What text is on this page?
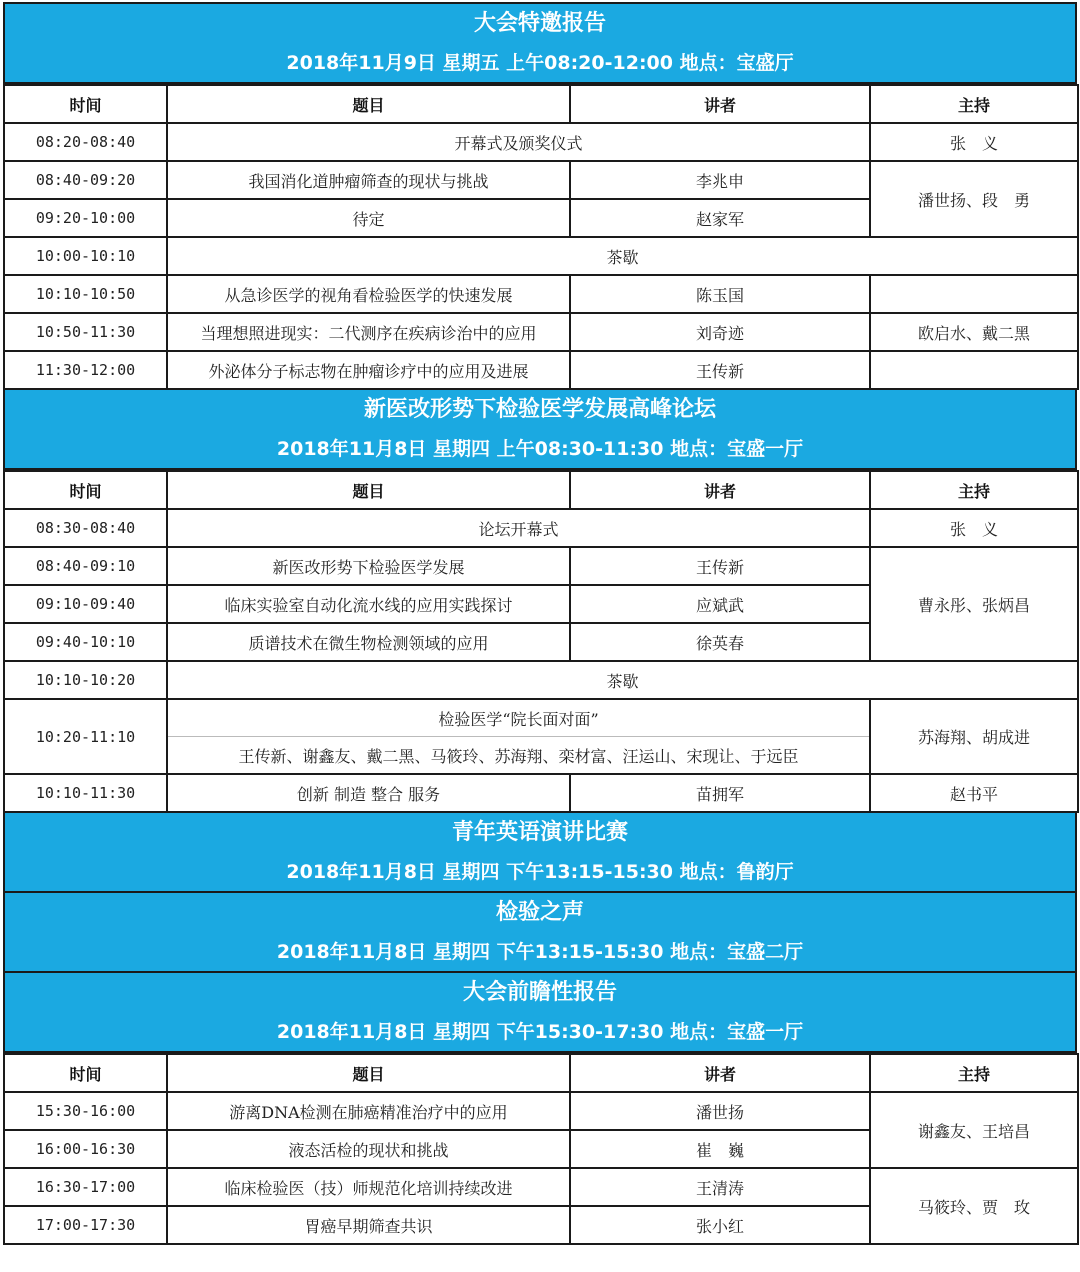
大会特邀报告
2018年11月9日 星期五 上午08:20-12:00 地点：宝盛厅
时间	题目	讲者	主持
08:20-08:40	开幕式及颁奖仪式		张　义
08:40-09:20	我国消化道肿瘤筛查的现状与挑战	李兆申	潘世扬、段　勇
09:20-10:00	待定	赵家军	
10:00-10:10	茶歇		
10:10-10:50	从急诊医学的视角看检验医学的快速发展	陈玉国	
10:50-11:30	当理想照进现实：二代测序在疾病诊治中的应用	刘奇迹	欧启水、戴二黑
11:30-12:00	外泌体分子标志物在肿瘤诊疗中的应用及进展	王传新	
新医改形势下检验医学发展高峰论坛
2018年11月8日 星期四 上午08:30-11:30 地点：宝盛一厅
时间	题目	讲者	主持
08:30-08:40	论坛开幕式		张　义
08:40-09:10	新医改形势下检验医学发展	王传新	曹永彤、张炳昌
09:10-09:40	临床实验室自动化流水线的应用实践探讨	应斌武	
09:40-10:10	质谱技术在微生物检测领域的应用	徐英春	
10:10-10:20	茶歇		
10:20-11:10	检验医学“院长面对面”		苏海翔、胡成进
	王传新、谢鑫友、戴二黑、马筱玲、苏海翔、栾材富、汪运山、宋现让、于远臣		
10:10-11:30	创新 制造 整合 服务	苗拥军	赵书平
青年英语演讲比赛
2018年11月8日 星期四 下午13:15-15:30 地点：鲁韵厅
检验之声
2018年11月8日 星期四 下午13:15-15:30 地点：宝盛二厅
大会前瞻性报告
2018年11月8日 星期四 下午15:30-17:30 地点：宝盛一厅
时间	题目	讲者	主持
15:30-16:00	游离DNA检测在肺癌精准治疗中的应用	潘世扬	谢鑫友、王培昌
16:00-16:30	液态活检的现状和挑战	崔　巍	
16:30-17:00	临床检验医（技）师规范化培训持续改进	王清涛	马筱玲、贾　玫
17:00-17:30	胃癌早期筛查共识	张小红	
